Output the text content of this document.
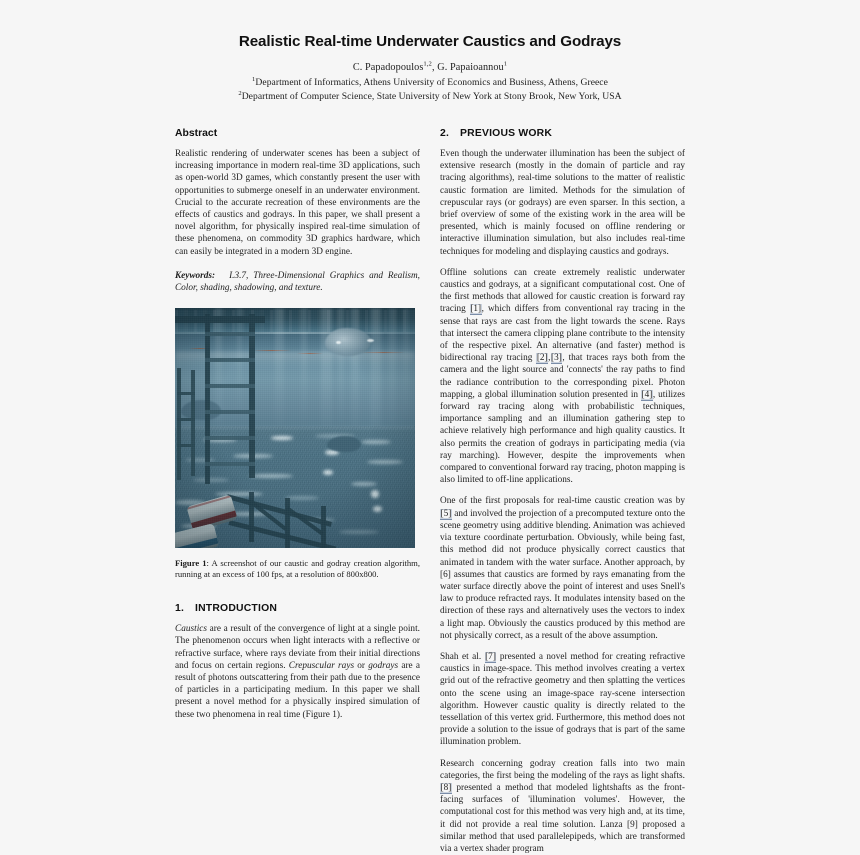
Realistic Real-time Underwater Caustics and Godrays
C. Papadopoulos$^{1,2}$, G. Papaioannou$^1$
$^1$Department of Informatics, Athens University of Economics and Business, Athens, Greece
$^2$Department of Computer Science, State University of New York at Stony Brook, New York, USA
Abstract

Realistic rendering of underwater scenes has been a subject of increasing importance in modern real-time 3D applications, such as open-world 3D games, which constantly present the user with opportunities to submerge oneself in an underwater environment. Crucial to the accurate recreation of these environments are the effects of caustics and godrays. In this paper, we shall present a novel algorithm, for physically inspired real-time simulation of these phenomena, on commodity 3D graphics hardware, which can easily be integrated in a modern 3D engine.

Keywords: I.3.7, Three-Dimensional Graphics and Realism, Color, shading, shadowing, and texture.

Figure 1: A screenshot of our caustic and godray creation algorithm, running at an excess of 100 fps, at a resolution of 800x800.

1. INTRODUCTION

Caustics are a result of the convergence of light at a single point. The phenomenon occurs when light interacts with a reflective or refractive surface, where rays deviate from their initial directions and focus on certain regions. Crepuscular rays or godrays are a result of photons outscattering from their path due to the presence of particles in a participating medium. In this paper we shall present a novel method for a physically inspired simulation of these two phenomena in real time (Figure 1).

2. PREVIOUS WORK

Even though the underwater illumination has been the subject of extensive research (mostly in the domain of particle and ray tracing algorithms), real-time solutions to the matter of realistic caustic formation are limited. Methods for the simulation of crepuscular rays (or godrays) are even sparser. In this section, a brief overview of some of the existing work in the area will be presented, which is mainly focused on offline rendering or interactive illumination simulation, but also includes real-time techniques for modeling and displaying caustics and godrays.

Offline solutions can create extremely realistic underwater caustics and godrays, at a significant computational cost. One of the first methods that allowed for caustic creation is forward ray tracing [1], which differs from conventional ray tracing in the sense that rays are cast from the light towards the scene. Rays that intersect the camera clipping plane contribute to the intensity of the respective pixel. An alternative (and faster) method is bidirectional ray tracing [2],[3], that traces rays both from the camera and the light source and 'connects' the ray paths to find the radiance contribution to the corresponding pixel. Photon mapping, a global illumination solution presented in [4], utilizes forward ray tracing along with probabilistic techniques, importance sampling and an illumination gathering step to achieve relatively high performance and high quality caustics. It also permits the creation of godrays in participating media (via ray marching). However, despite the improvements when compared to conventional forward ray tracing, photon mapping is also limited to off-line applications.

One of the first proposals for real-time caustic creation was by [5] and involved the projection of a precomputed texture onto the scene geometry using additive blending. Animation was achieved via texture coordinate perturbation. Obviously, while being fast, this method did not produce physically correct caustics that animated in tandem with the water surface. Another approach, by [6] assumes that caustics are formed by rays emanating from the water surface directly above the point of interest and uses Snell's law to produce refracted rays. It modulates intensity based on the direction of these rays and alternatively uses the vectors to index a light map. Obviously the caustics produced by this method are not physically correct, as a result of the above assumption.

Shah et al. [7] presented a novel method for creating refractive caustics in image-space. This method involves creating a vertex grid out of the refractive geometry and then splatting the vertices onto the scene using an image-space ray-scene intersection algorithm. However caustic quality is directly related to the tessellation of this vertex grid. Furthermore, this method does not provide a solution to the issue of godrays that is part of the same illumination problem.

Research concerning godray creation falls into two main categories, the first being the modeling of the rays as light shafts. [8] presented a method that modeled lightshafts as the front-facing surfaces of 'illumination volumes'. However, the computational cost for this method was very high and, at its time, it did not provide a real time solution. Lanza [9] proposed a similar method that used parallelepipeds, which are transformed via a vertex shader program
